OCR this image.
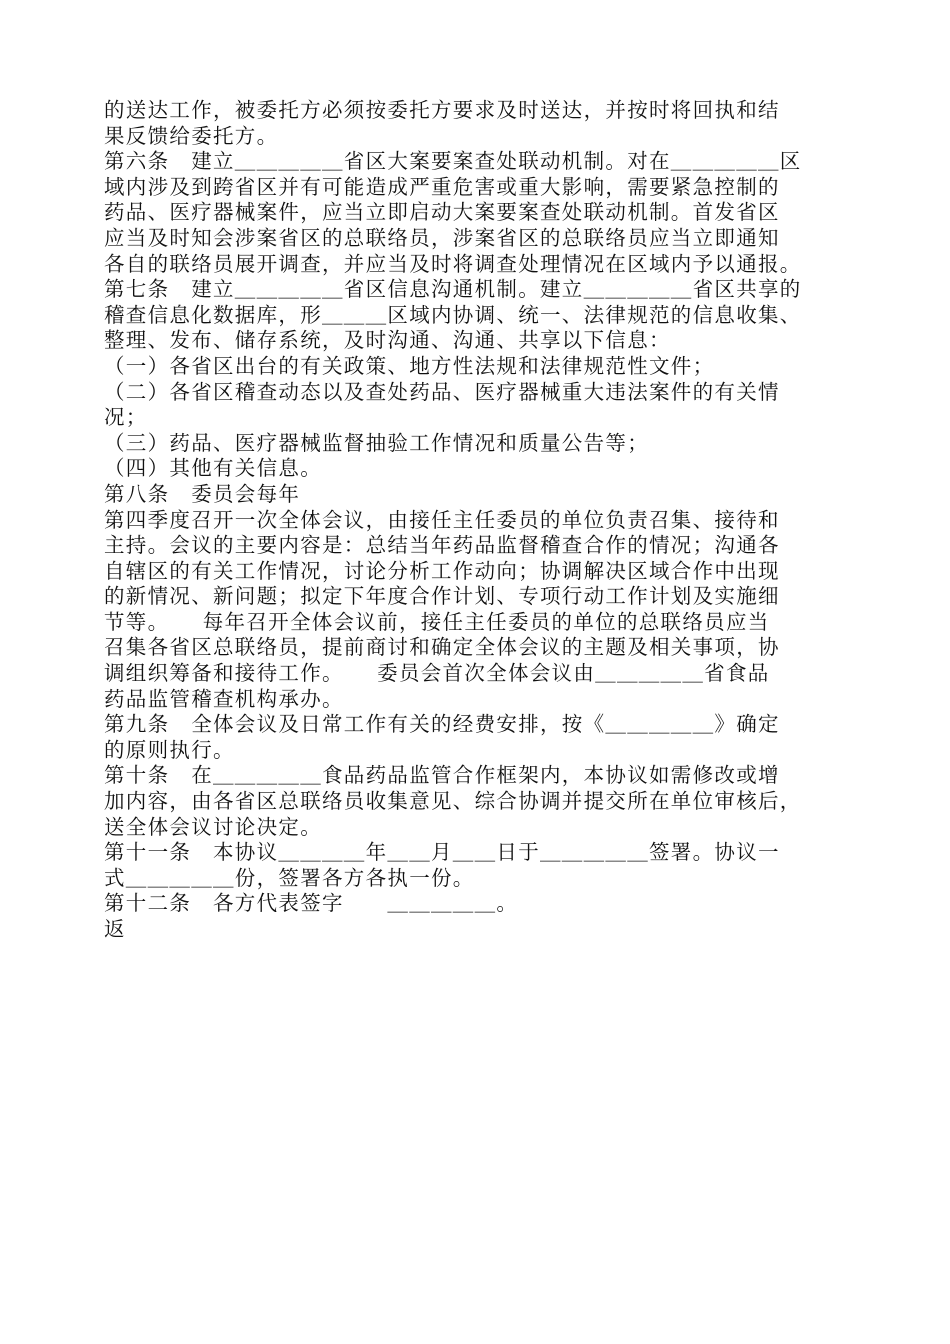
的送达工作，被委托方必须按委托方要求及时送达，并按时将回执和结
果反馈给委托方。
第六条　建立＿＿＿＿＿省区大案要案查处联动机制。对在＿＿＿＿＿区
域内涉及到跨省区并有可能造成严重危害或重大影响，需要紧急控制的
药品、医疗器械案件，应当立即启动大案要案查处联动机制。首发省区
应当及时知会涉案省区的总联络员，涉案省区的总联络员应当立即通知
各自的联络员展开调查，并应当及时将调查处理情况在区域内予以通报。
第七条　建立＿＿＿＿＿省区信息沟通机制。建立＿＿＿＿＿省区共享的
稽查信息化数据库，形＿＿＿区域内协调、统一、法律规范的信息收集、
整理、发布、储存系统，及时沟通、沟通、共享以下信息：
（一）各省区出台的有关政策、地方性法规和法律规范性文件；
（二）各省区稽查动态以及查处药品、医疗器械重大违法案件的有关情
况；
（三）药品、医疗器械监督抽验工作情况和质量公告等；
（四）其他有关信息。
第八条　委员会每年
第四季度召开一次全体会议，由接任主任委员的单位负责召集、接待和
主持。会议的主要内容是：总结当年药品监督稽查合作的情况；沟通各
自辖区的有关工作情况，讨论分析工作动向；协调解决区域合作中出现
的新情况、新问题；拟定下年度合作计划、专项行动工作计划及实施细
节等。　　每年召开全体会议前，接任主任委员的单位的总联络员应当
召集各省区总联络员，提前商讨和确定全体会议的主题及相关事项，协
调组织筹备和接待工作。　　委员会首次全体会议由＿＿＿＿＿省食品
药品监管稽查机构承办。
第九条　全体会议及日常工作有关的经费安排，按《＿＿＿＿＿》确定
的原则执行。
第十条　在＿＿＿＿＿食品药品监管合作框架内，本协议如需修改或增
加内容，由各省区总联络员收集意见、综合协调并提交所在单位审核后，
送全体会议讨论决定。
第十一条　本协议＿＿＿＿年＿＿月＿＿日于＿＿＿＿＿签署。协议一
式＿＿＿＿＿份，签署各方各执一份。
第十二条　各方代表签字　　＿＿＿＿＿。
返
